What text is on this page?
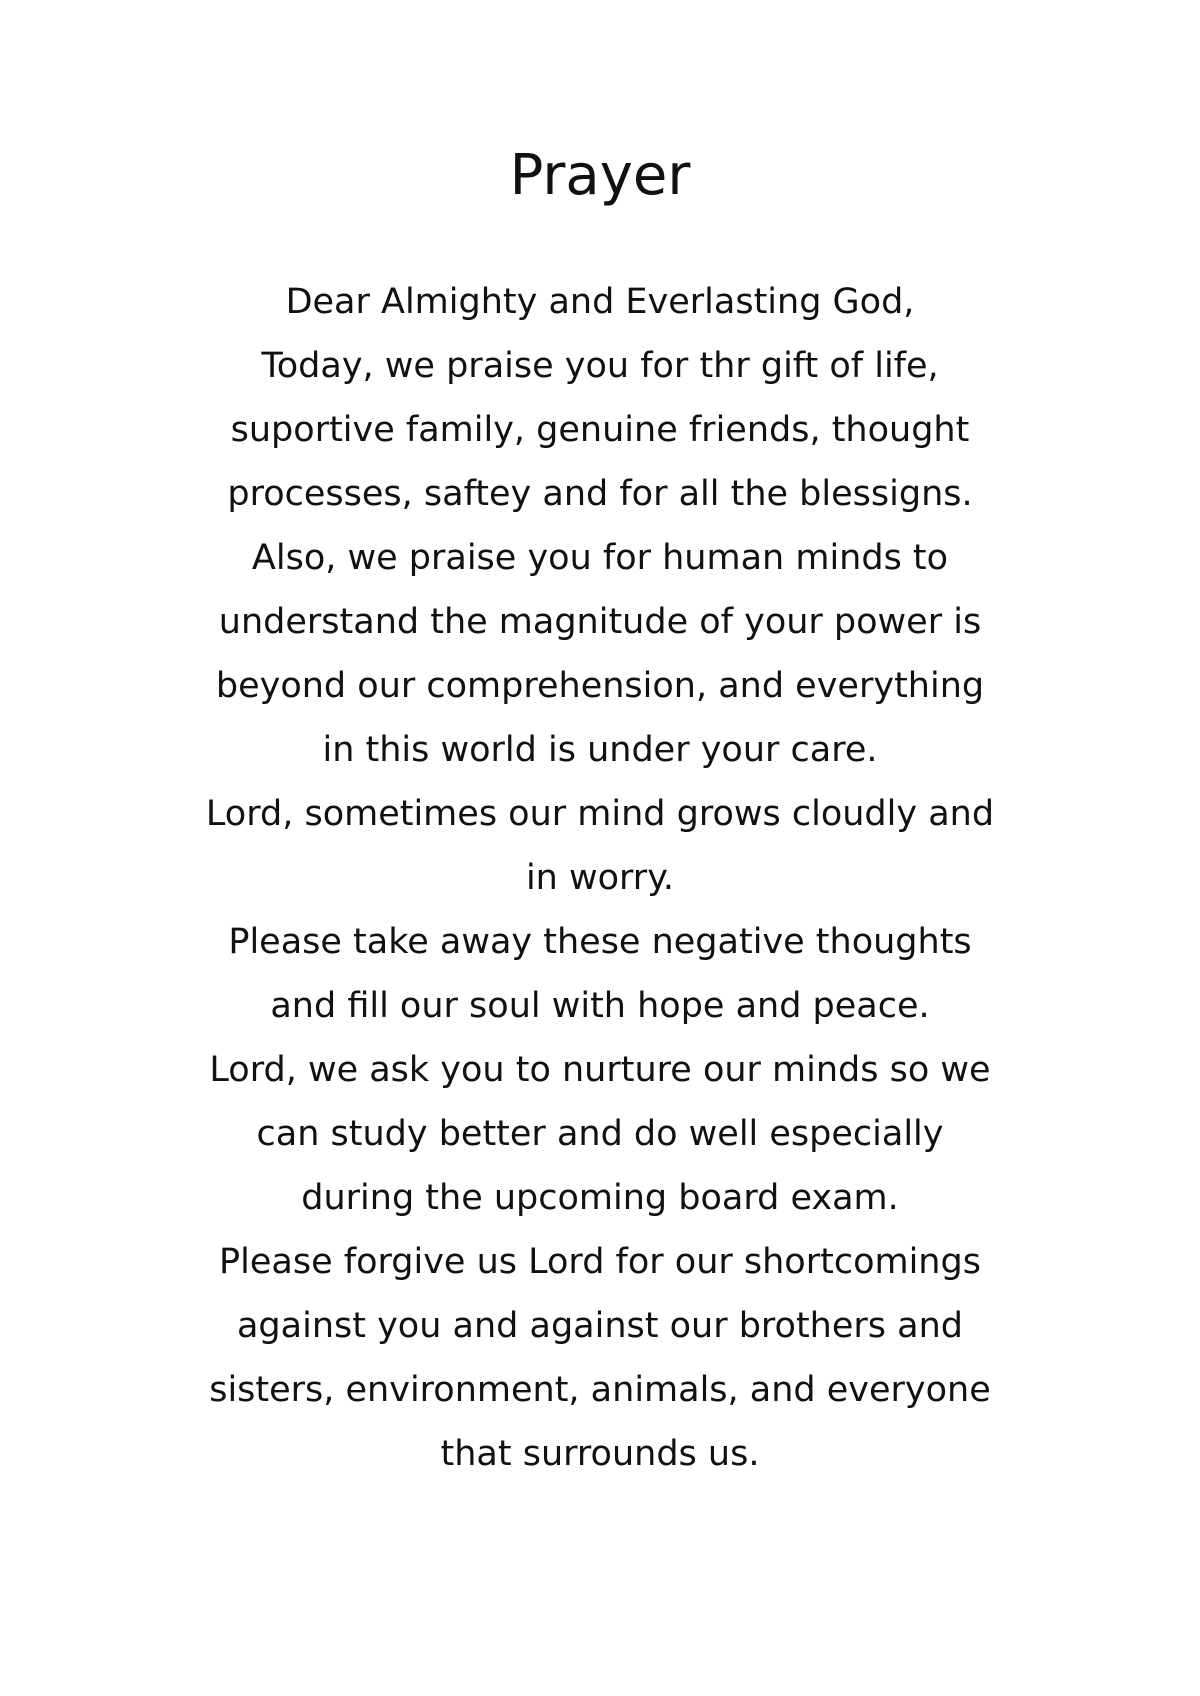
Prayer
Dear Almighty and Everlasting God,
Today, we praise you for thr gift of life,
suportive family, genuine friends, thought
processes, saftey and for all the blessigns.
Also, we praise you for human minds to
understand the magnitude of your power is
beyond our comprehension, and everything
in this world is under your care.
Lord, sometimes our mind grows cloudly and
in worry.
Please take away these negative thoughts
and fill our soul with hope and peace.
Lord, we ask you to nurture our minds so we
can study better and do well especially
during the upcoming board exam.
Please forgive us Lord for our shortcomings
against you and against our brothers and
sisters, environment, animals, and everyone
that surrounds us.
